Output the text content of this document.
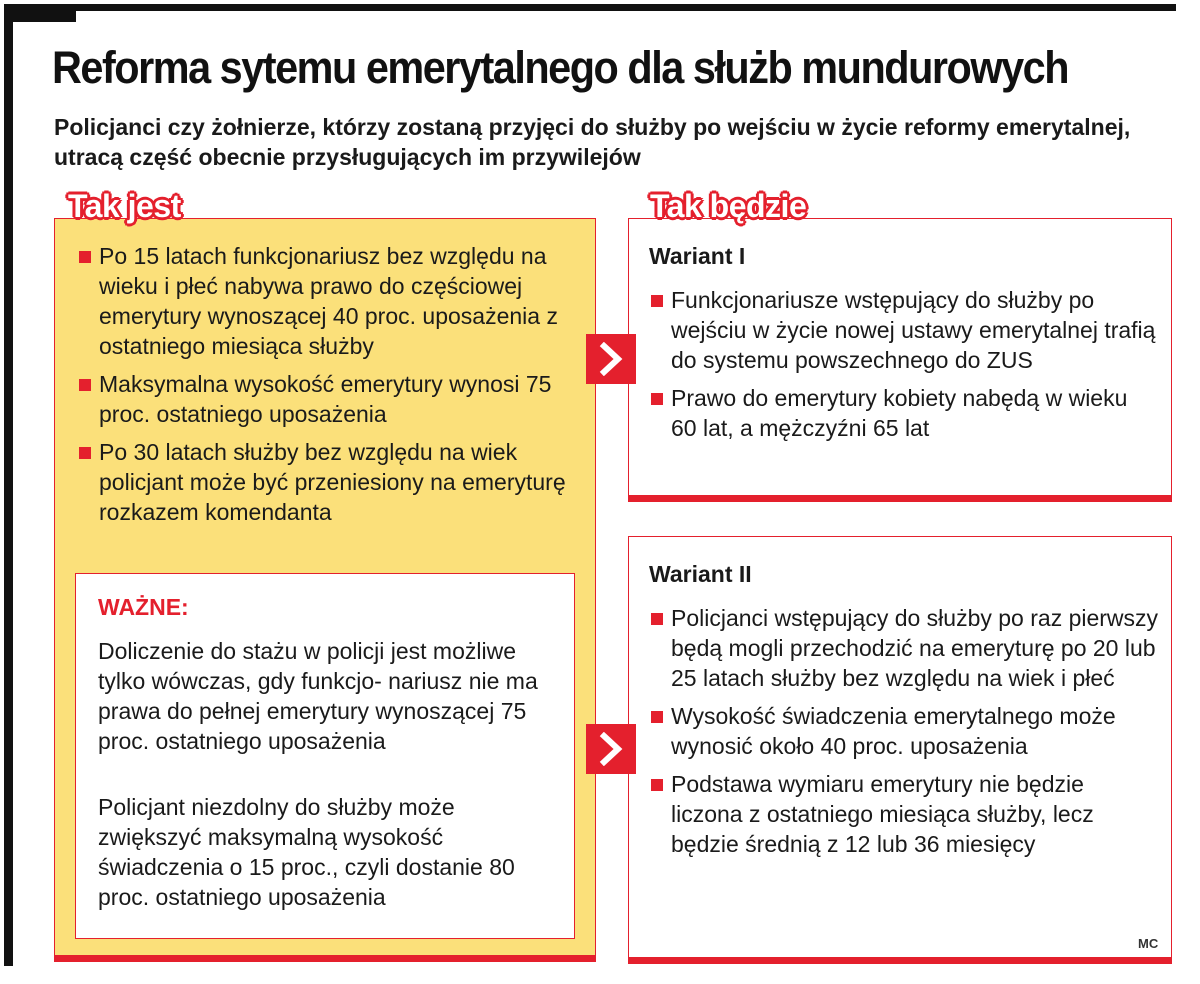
Reforma sytemu emerytalnego dla służb mundurowych

Policjanci czy żołnierze, którzy zostaną przyjęci do służby po wejściu w życie reformy emerytalnej, utracą część obecnie przysługujących im przywilejów

Po 15 latach funkcjonariusz bez względu na wieku i płeć nabywa prawo do częściowej emerytury wynoszącej 40 proc. uposażenia z ostatniego miesiąca służby
Maksymalna wysokość emerytury wynosi 75 proc. ostatniego uposażenia
Po 30 latach służby bez względu na wiek policjant może być przeniesiony na emeryturę rozkazem komendanta
WAŻNE:

Doliczenie do stażu w policji jest możliwe tylko wówczas, gdy funkcjo- nariusz nie ma prawa do pełnej emerytury wynoszącej 75 proc. ostatniego uposażenia

Policjant niezdolny do służby może zwiększyć maksymalną wysokość świadczenia o 15 proc., czyli dostanie 80 proc. ostatniego uposażenia

Tak jest
Wariant I
Funkcjonariusze wstępujący do służby po wejściu w życie nowej ustawy emerytalnej trafią do systemu powszechnego do ZUS
Prawo do emerytury kobiety nabędą w wieku 60 lat, a mężczyźni 65 lat
Wariant II
Policjanci wstępujący do służby po raz pierwszy będą mogli przechodzić na emeryturę po 20 lub 25 latach służby bez względu na wiek i płeć
Wysokość świadczenia emerytalnego może wynosić około 40 proc. uposażenia
Podstawa wymiaru emerytury nie będzie liczona z ostatniego miesiąca służby, lecz będzie średnią z 12 lub 36 miesięcy
Tak będzie
MC
